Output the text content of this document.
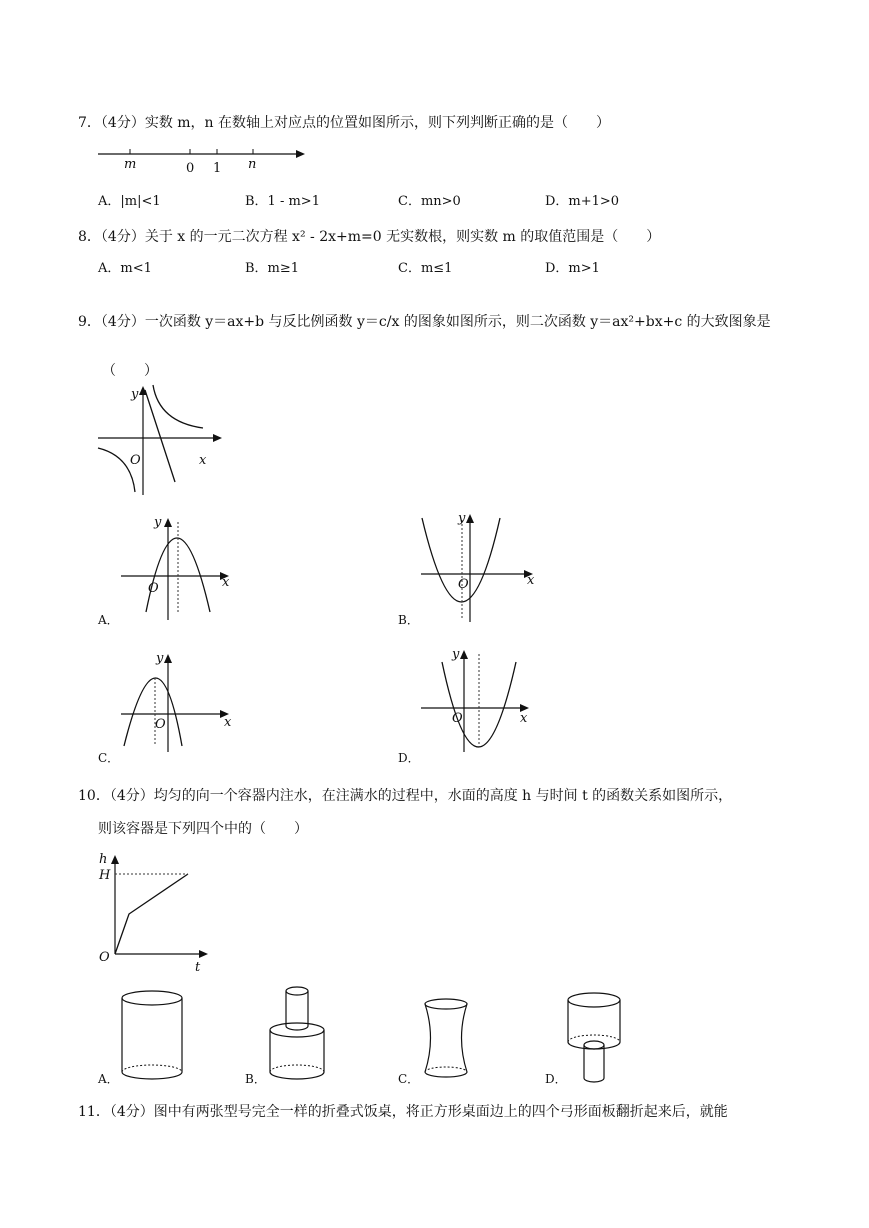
7．（4分）实数 m，n 在数轴上对应点的位置如图所示，则下列判断正确的是（　　）
m	0 1 n
A．|m|<1	B．1 - m>1	C．mn>0	D．m+1>0
8．（4分）关于 x 的一元二次方程 x² - 2x+m=0 无实数根，则实数 m 的取值范围是（　　）
A．m<1	B．m≥1	C．m≤1	D．m>1
9．（4分）一次函数 y＝ax+b 与反比例函数 y＝c/x 的图象如图所示，则二次函数 y＝ax²+bx+c 的大致图象是
（　　）
y
O	x
y
O	x
A．
y
O	x
B．
y
O	x
C．
y
O	x
D．
10．（4分）均匀的向一个容器内注水，在注满水的过程中，水面的高度 h 与时间 t 的函数关系如图所示，
则该容器是下列四个中的（　　）
h
H
O
t
A．	B．	C．	D．
11．（4分）图中有两张型号完全一样的折叠式饭桌，将正方形桌面边上的四个弓形面板翻折起来后，就能
